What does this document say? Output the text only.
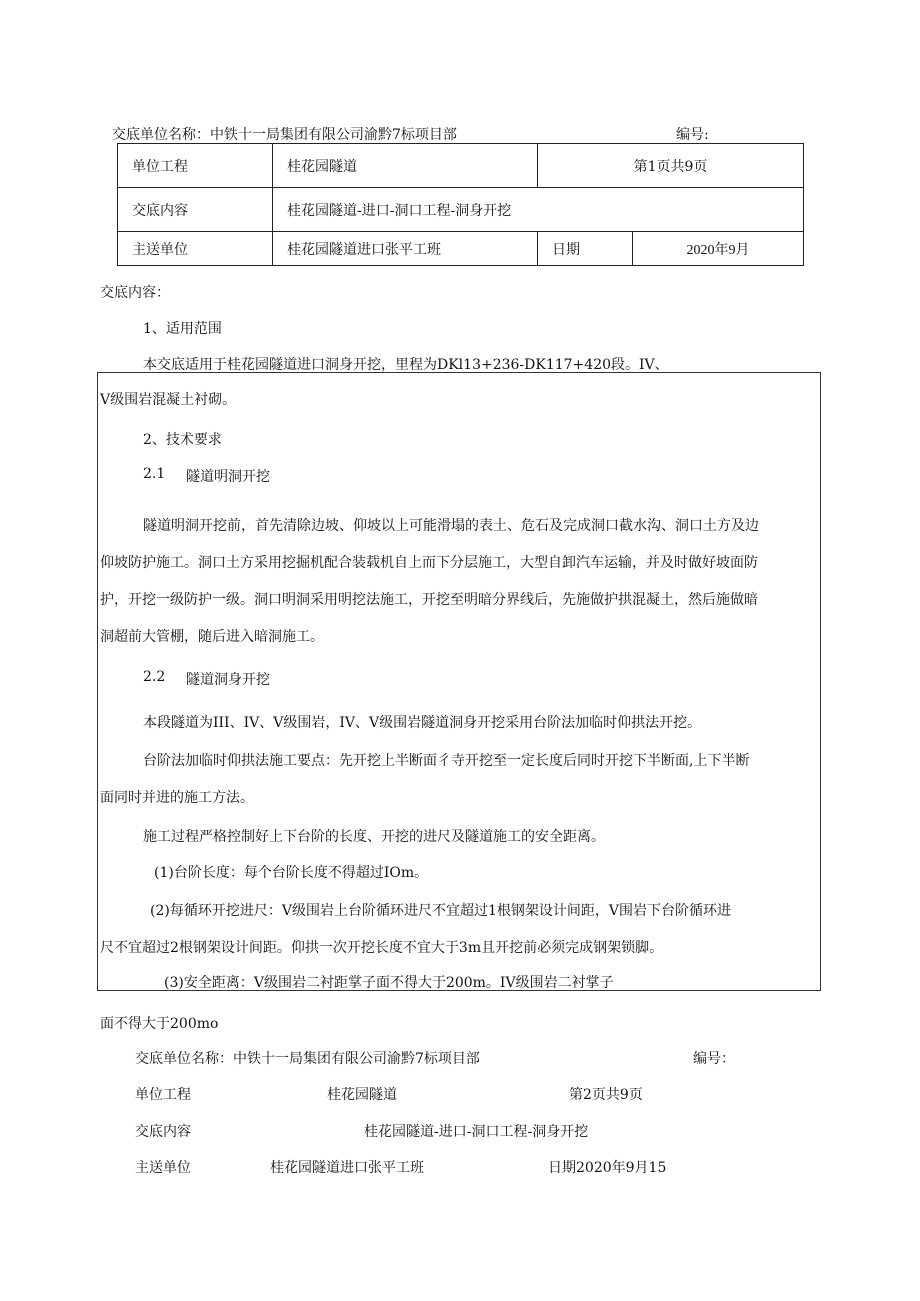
交底单位名称：中铁十一局集团有限公司渝黔7标项目部	编号:
单位工程	桂花园隧道	第1页共9页	
交底内容	桂花园隧道-进口-洞口工程-洞身开挖		
主送单位	桂花园隧道进口张平工班	日期	2020年9月
交底内容：
1、适用范围
本交底适用于桂花园隧道进口洞身开挖，里程为DKl13+236-DK117+420段。IV、
V级围岩混凝土衬砌。
2、技术要求
2.1 隧道明洞开挖
隧道明洞开挖前，首先清除边坡、仰坡以上可能滑塌的表土、危石及完成洞口截水沟、洞口土方及边
仰坡防护施工。洞口土方采用挖掘机配合装载机自上而下分层施工，大型自卸汽车运输，并及时做好坡面防
护，开挖一级防护一级。洞口明洞采用明挖法施工，开挖至明暗分界线后，先施做护拱混凝土，然后施做暗
洞超前大管棚，随后进入暗洞施工。
2.2 隧道洞身开挖
本段隧道为III、IV、V级围岩，IV、V级围岩隧道洞身开挖采用台阶法加临时仰拱法开挖。
台阶法加临时仰拱法施工要点：先开挖上半断面彳寺开挖至一定长度后同时开挖下半断面,上下半断
面同时并进的施工方法。
施工过程严格控制好上下台阶的长度、开挖的进尺及隧道施工的安全距离。
(1)台阶长度：每个台阶长度不得超过IOm。
(2)每循环开挖进尺：V级围岩上台阶循环进尺不宜超过1根钢架设计间距，V围岩下台阶循环进
尺不宜超过2根钢架设计间距。仰拱一次开挖长度不宜大于3m且开挖前必须完成钢架锁脚。
(3)安全距离：V级围岩二衬距掌子面不得大于200m。IV级围岩二衬掌子
面不得大于200mo
交底单位名称：中铁十一局集团有限公司渝黔7标项目部	编号：
单位工程	桂花园隧道	第2页共9页
交底内容	桂花园隧道-进口-洞口工程-洞身开挖
主送单位	桂花园隧道进口张平工班	日期2020年9月15
